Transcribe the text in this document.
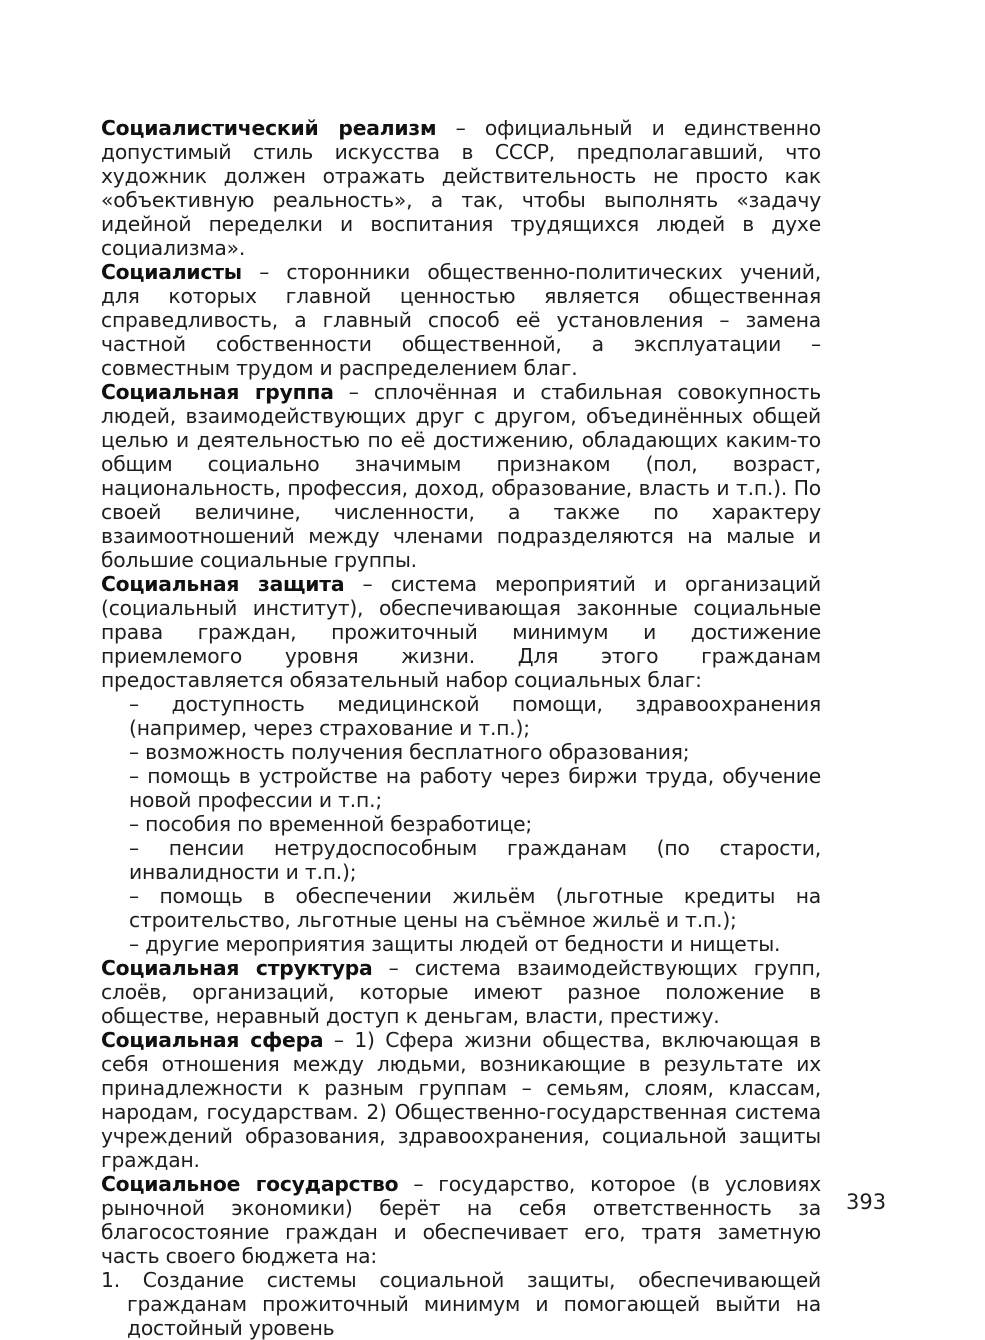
Социалистический реализм – официальный и единственно допустимый стиль искусства в СССР, предполагавший, что художник должен отражать действительность не просто как «объективную реальность», а так, чтобы выполнять «задачу идейной переделки и воспитания трудящихся людей в духе социализма».

Социалисты – сторонники общественно-политических учений, для которых главной ценностью является общественная справедливость, а главный способ её установления – замена частной собственности общественной, а эксплуатации – совместным трудом и распределением благ.

Социальная группа – сплочённая и стабильная совокупность людей, взаимодействующих друг с другом, объединённых общей целью и деятельностью по её достижению, обладающих каким-то общим социально значимым признаком (пол, возраст, национальность, профессия, доход, образование, власть и т.п.). По своей величине, численности, а также по характеру взаимоотношений между членами подразделяются на малые и большие социальные группы.

Социальная защита – система мероприятий и организаций (социальный институт), обеспечивающая законные социальные права граждан, прожиточный минимум и достижение приемлемого уровня жизни. Для этого гражданам предоставляется обязательный набор социальных благ:

– доступность медицинской помощи, здравоохранения (например, через страхование и т.п.);
– возможность получения бесплатного образования;
– помощь в устройстве на работу через биржи труда, обучение новой профессии и т.п.;
– пособия по временной безработице;
– пенсии нетрудоспособным гражданам (по старости, инвалидности и т.п.);
– помощь в обеспечении жильём (льготные кредиты на строительство, льготные цены на съёмное жильё и т.п.);
– другие мероприятия защиты людей от бедности и нищеты.

Социальная структура – система взаимодействующих групп, слоёв, организаций, которые имеют разное положение в обществе, неравный доступ к деньгам, власти, престижу.

Социальная сфера – 1) Сфера жизни общества, включающая в себя отношения между людьми, возникающие в результате их принадлежности к разным группам – семьям, слоям, классам, народам, государствам. 2) Общественно-государственная система учреждений образования, здравоохранения, социальной защиты граждан.

Социальное государство – государство, которое (в условиях рыночной экономики) берёт на себя ответственность за благосостояние граждан и обеспечивает его, тратя заметную часть своего бюджета на:

1. Создание системы социальной защиты, обеспечивающей гражданам прожиточный минимум и помогающей выйти на достойный уровень
393
